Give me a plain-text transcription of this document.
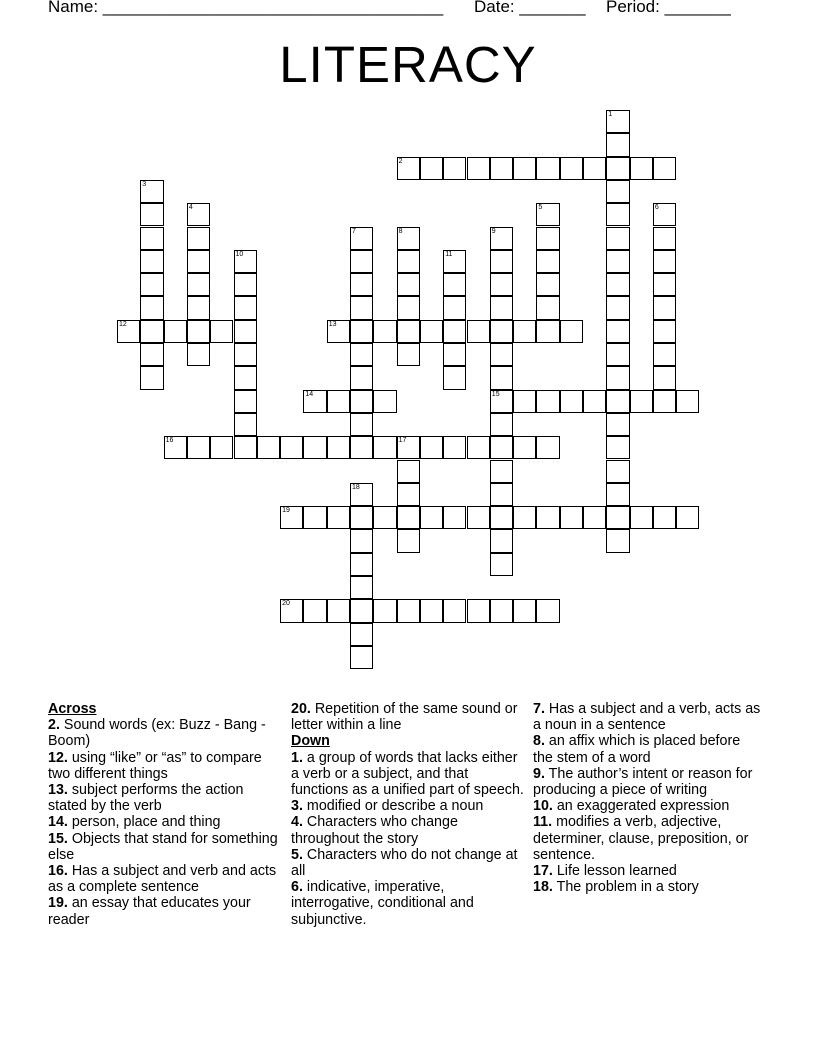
Name: ____________________________________ Date: _______ Period: _______
LITERACY
1
2
3
4	5	6
7	8	9
15
10	11
12	13
14
16	17
18
19
20
Across
2. Sound words (ex: Buzz - Bang - Boom)
12. using “like” or “as” to compare two different things
13. subject performs the action stated by the verb
14. person, place and thing
15. Objects that stand for something else
16. Has a subject and verb and acts as a complete sentence
19. an essay that educates your reader
20. Repetition of the same sound or letter within a line
Down
1. a group of words that lacks either a verb or a subject, and that functions as a unified part of speech.
3. modified or describe a noun
4. Characters who change throughout the story
5. Characters who do not change at all
6. indicative, imperative, interrogative, conditional and subjunctive.
7. Has a subject and a verb, acts as a noun in a sentence
8. an affix which is placed before the stem of a word
9. The author’s intent or reason for producing a piece of writing
10. an exaggerated expression
11. modifies a verb, adjective, determiner, clause, preposition, or sentence.
17. Life lesson learned
18. The problem in a story
